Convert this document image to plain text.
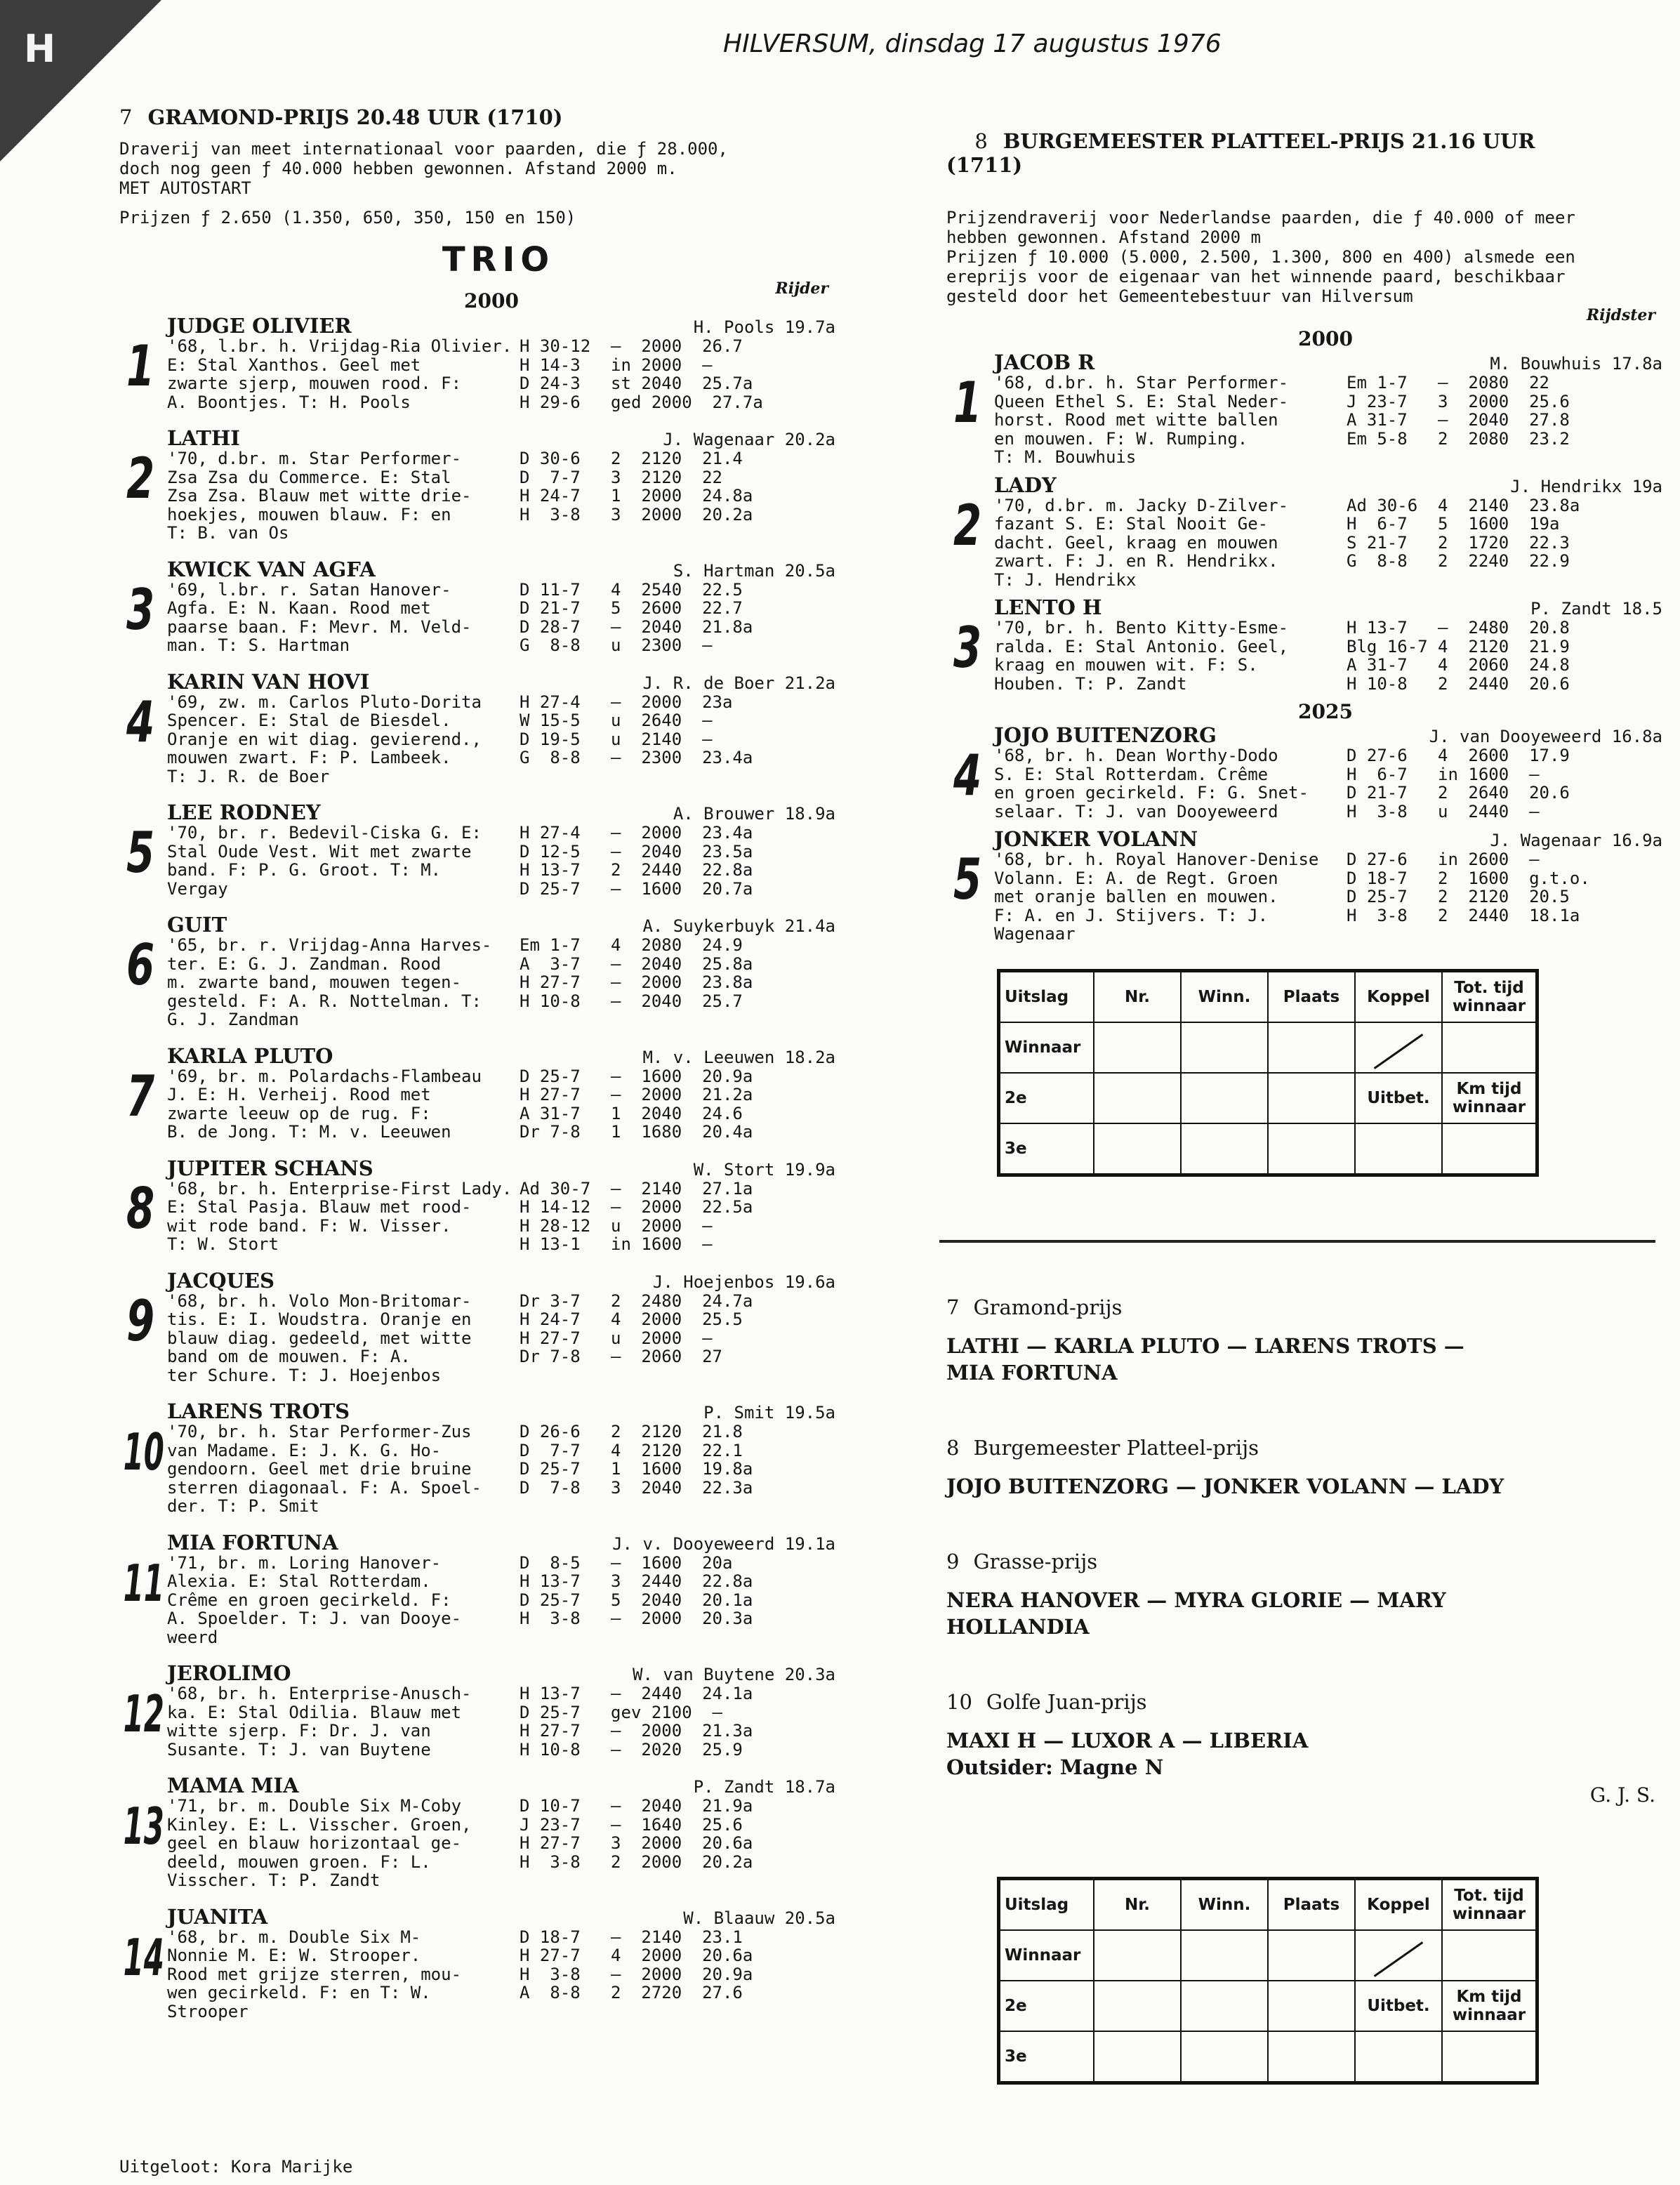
H	HILVERSUM, dinsdag 17 augustus 1976
7 GRAMOND-PRIJS 20.48 UUR (1710)
Draverij van meet internationaal voor paarden, die ƒ 28.000,
doch nog geen ƒ 40.000 hebben gewonnen. Afstand 2000 m.
MET AUTOSTART
Prijzen ƒ 2.650 (1.350, 650, 350, 150 en 150)
TRIO
Rijder
2000
1
JUDGE OLIVIER	H. Pools 19.7a
'68, l.br. h. Vrijdag-Ria Olivier.
E: Stal Xanthos. Geel met
zwarte sjerp, mouwen rood. F:
A. Boontjes. T: H. Pools
H 30-12  —  2000  26.7
H 14-3   in 2000  —
D 24-3   st 2040  25.7a
H 29-6   ged 2000  27.7a
2
LATHI	J. Wagenaar 20.2a
'70, d.br. m. Star Performer-
Zsa Zsa du Commerce. E: Stal
Zsa Zsa. Blauw met witte drie-
hoekjes, mouwen blauw. F: en
T: B. van Os
D 30-6   2  2120  21.4
D  7-7   3  2120  22
H 24-7   1  2000  24.8a
H  3-8   3  2000  20.2a
3
KWICK VAN AGFA	S. Hartman 20.5a
'69, l.br. r. Satan Hanover-
Agfa. E: N. Kaan. Rood met
paarse baan. F: Mevr. M. Veld-
man. T: S. Hartman
D 11-7   4  2540  22.5
D 21-7   5  2600  22.7
D 28-7   —  2040  21.8a
G  8-8   u  2300  —
4
KARIN VAN HOVI	J. R. de Boer 21.2a
'69, zw. m. Carlos Pluto-Dorita
Spencer. E: Stal de Biesdel.
Oranje en wit diag. gevierend.,
mouwen zwart. F: P. Lambeek.
T: J. R. de Boer
H 27-4   —  2000  23a
W 15-5   u  2640  —
D 19-5   u  2140  —
G  8-8   —  2300  23.4a
5
LEE RODNEY	A. Brouwer 18.9a
'70, br. r. Bedevil-Ciska G. E:
Stal Oude Vest. Wit met zwarte
band. F: P. G. Groot. T: M.
Vergay
H 27-4   —  2000  23.4a
D 12-5   —  2040  23.5a
H 13-7   2  2440  22.8a
D 25-7   —  1600  20.7a
6
GUIT	A. Suykerbuyk 21.4a
'65, br. r. Vrijdag-Anna Harves-
ter. E: G. J. Zandman. Rood
m. zwarte band, mouwen tegen-
gesteld. F: A. R. Nottelman. T:
G. J. Zandman
Em 1-7   4  2080  24.9
A  3-7   —  2040  25.8a
H 27-7   —  2000  23.8a
H 10-8   —  2040  25.7
7
KARLA PLUTO	M. v. Leeuwen 18.2a
'69, br. m. Polardachs-Flambeau
J. E: H. Verheij. Rood met
zwarte leeuw op de rug. F:
B. de Jong. T: M. v. Leeuwen
D 25-7   —  1600  20.9a
H 27-7   —  2000  21.2a
A 31-7   1  2040  24.6
Dr 7-8   1  1680  20.4a
8
JUPITER SCHANS	W. Stort 19.9a
'68, br. h. Enterprise-First Lady.
E: Stal Pasja. Blauw met rood-
wit rode band. F: W. Visser.
T: W. Stort
Ad 30-7  —  2140  27.1a
H 14-12  —  2000  22.5a
H 28-12  u  2000  —
H 13-1   in 1600  —
9
JACQUES	J. Hoejenbos 19.6a
'68, br. h. Volo Mon-Britomar-
tis. E: I. Woudstra. Oranje en
blauw diag. gedeeld, met witte
band om de mouwen. F: A.
ter Schure. T: J. Hoejenbos
Dr 3-7   2  2480  24.7a
H 24-7   4  2000  25.5
H 27-7   u  2000  —
Dr 7-8   —  2060  27
10
LARENS TROTS	P. Smit 19.5a
'70, br. h. Star Performer-Zus
van Madame. E: J. K. G. Ho-
gendoorn. Geel met drie bruine
sterren diagonaal. F: A. Spoel-
der. T: P. Smit
D 26-6   2  2120  21.8
D  7-7   4  2120  22.1
D 25-7   1  1600  19.8a
D  7-8   3  2040  22.3a
11
MIA FORTUNA	J. v. Dooyeweerd 19.1a
'71, br. m. Loring Hanover-
Alexia. E: Stal Rotterdam.
Crême en groen gecirkeld. F:
A. Spoelder. T: J. van Dooye-
weerd
D  8-5   —  1600  20a
H 13-7   3  2440  22.8a
D 25-7   5  2040  20.1a
H  3-8   —  2000  20.3a
12
JEROLIMO	W. van Buytene 20.3a
'68, br. h. Enterprise-Anusch-
ka. E: Stal Odilia. Blauw met
witte sjerp. F: Dr. J. van
Susante. T: J. van Buytene
H 13-7   —  2440  24.1a
D 25-7   gev 2100  —
H 27-7   —  2000  21.3a
H 10-8   —  2020  25.9
13
MAMA MIA	P. Zandt 18.7a
'71, br. m. Double Six M-Coby
Kinley. E: L. Visscher. Groen,
geel en blauw horizontaal ge-
deeld, mouwen groen. F: L.
Visscher. T: P. Zandt
D 10-7   —  2040  21.9a
J 23-7   —  1640  25.6
H 27-7   3  2000  20.6a
H  3-8   2  2000  20.2a
14
JUANITA	W. Blaauw 20.5a
'68, br. m. Double Six M-
Nonnie M. E: W. Strooper.
Rood met grijze sterren, mou-
wen gecirkeld. F: en T: W.
Strooper
D 18-7   —  2140  23.1
H 27-7   4  2000  20.6a
H  3-8   —  2000  20.9a
A  8-8   2  2720  27.6
Uitgeloot: Kora Marijke

8 BURGEMEESTER PLATTEEL-PRIJS 21.16 UUR
(1711)

Prijzendraverij voor Nederlandse paarden, die ƒ 40.000 of meer
hebben gewonnen. Afstand 2000 m
Prijzen ƒ 10.000 (5.000, 2.500, 1.300, 800 en 400) alsmede een
ereprijs voor de eigenaar van het winnende paard, beschikbaar
gesteld door het Gemeentebestuur van Hilversum
Rijdster
2000
1
JACOB R	M. Bouwhuis 17.8a
'68, d.br. h. Star Performer-
Queen Ethel S. E: Stal Neder-
horst. Rood met witte ballen
en mouwen. F: W. Rumping.
T: M. Bouwhuis
Em 1-7   —  2080  22
J 23-7   3  2000  25.6
A 31-7   —  2040  27.8
Em 5-8   2  2080  23.2
2
LADY	J. Hendrikx 19a
'70, d.br. m. Jacky D-Zilver-
fazant S. E: Stal Nooit Ge-
dacht. Geel, kraag en mouwen
zwart. F: J. en R. Hendrikx.
T: J. Hendrikx
Ad 30-6  4  2140  23.8a
H  6-7   5  1600  19a
S 21-7   2  1720  22.3
G  8-8   2  2240  22.9
3
LENTO H	P. Zandt 18.5
'70, br. h. Bento Kitty-Esme-
ralda. E: Stal Antonio. Geel,
kraag en mouwen wit. F: S.
Houben. T: P. Zandt
H 13-7   —  2480  20.8
Blg 16-7 4  2120  21.9
A 31-7   4  2060  24.8
H 10-8   2  2440  20.6
2025
4
JOJO BUITENZORG	J. van Dooyeweerd 16.8a
'68, br. h. Dean Worthy-Dodo
S. E: Stal Rotterdam. Crême
en groen gecirkeld. F: G. Snet-
selaar. T: J. van Dooyeweerd
D 27-6   4  2600  17.9
H  6-7   in 1600  —
D 21-7   2  2640  20.6
H  3-8   u  2440  —
5
JONKER VOLANN	J. Wagenaar 16.9a
'68, br. h. Royal Hanover-Denise
Volann. E: A. de Regt. Groen
met oranje ballen en mouwen.
F: A. en J. Stijvers. T: J.
Wagenaar
D 27-6   in 2600  —
D 18-7   2  1600  g.t.o.
D 25-7   2  2120  20.5
H  3-8   2  2440  18.1a
Uitslag	Nr.	Winn.	Plaats	Koppel	Tot. tijd winnaar
Winnaar					
2e				Uitbet.	Km tijd winnaar
3e					
7 Gramond-prijs
LATHI — KARLA PLUTO — LARENS TROTS —
MIA FORTUNA
8 Burgemeester Platteel-prijs
JOJO BUITENZORG — JONKER VOLANN — LADY
9 Grasse-prijs
NERA HANOVER — MYRA GLORIE — MARY
HOLLANDIA
10 Golfe Juan-prijs
MAXI H — LUXOR A — LIBERIA
Outsider: Magne N
G. J. S.
Uitslag	Nr.	Winn.	Plaats	Koppel	Tot. tijd winnaar
Winnaar					
2e				Uitbet.	Km tijd winnaar
3e					
